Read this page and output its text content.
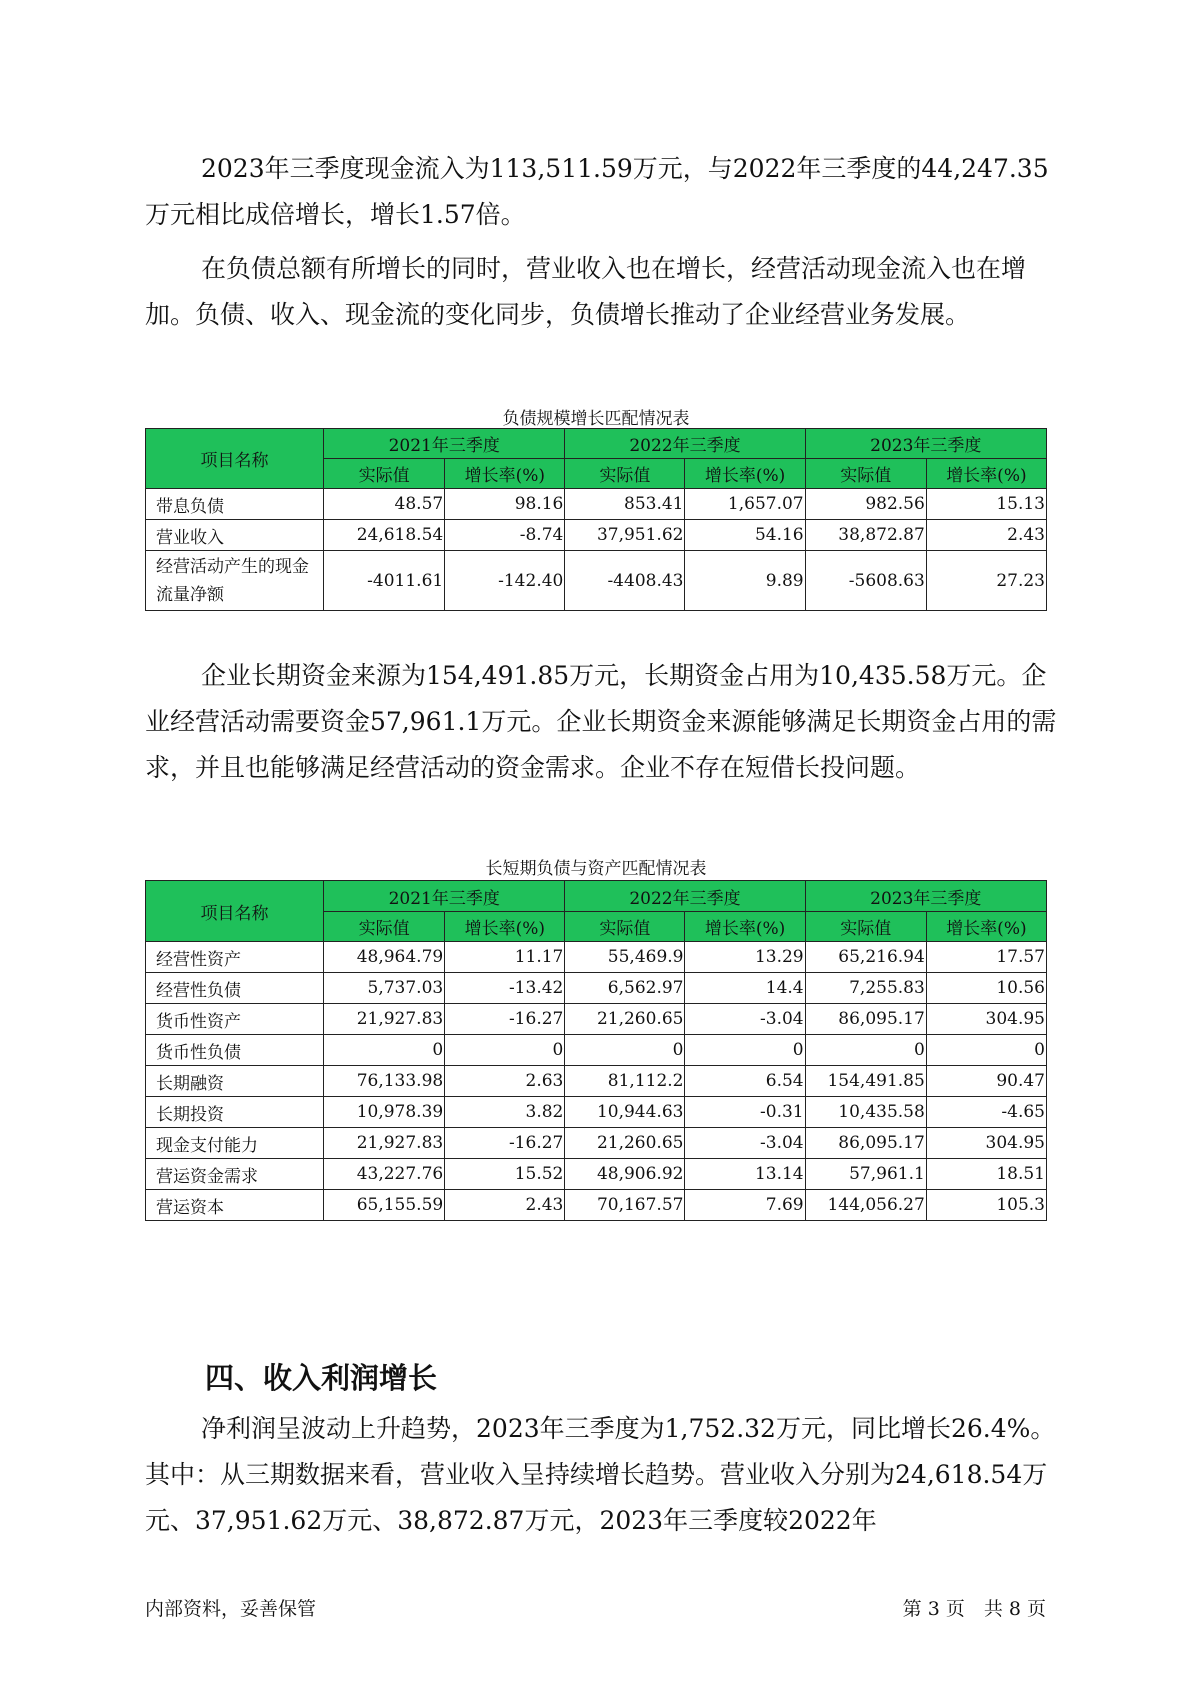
2023年三季度现金流入为113,511.59万元，与2022年三季度的44,247.35万元相比成倍增长，增长1.57倍。

在负债总额有所增长的同时，营业收入也在增长，经营活动现金流入也在增加。负债、收入、现金流的变化同步，负债增长推动了企业经营业务发展。

负债规模增长匹配情况表

项目名称	2021年三季度		2022年三季度		2023年三季度	
	实际值	增长率(%)	实际值	增长率(%)	实际值	增长率(%)
带息负债	48.57	98.16	853.41	1,657.07	982.56	15.13
营业收入	24,618.54	-8.74	37,951.62	54.16	38,872.87	2.43
经营活动产生的现金流量净额	-4011.61	-142.40	-4408.43	9.89	-5608.63	27.23

企业长期资金来源为154,491.85万元，长期资金占用为10,435.58万元。企业经营活动需要资金57,961.1万元。企业长期资金来源能够满足长期资金占用的需求，并且也能够满足经营活动的资金需求。企业不存在短借长投问题。

长短期负债与资产匹配情况表

项目名称	2021年三季度		2022年三季度		2023年三季度	
	实际值	增长率(%)	实际值	增长率(%)	实际值	增长率(%)
经营性资产	48,964.79	11.17	55,469.9	13.29	65,216.94	17.57
经营性负债	5,737.03	-13.42	6,562.97	14.4	7,255.83	10.56
货币性资产	21,927.83	-16.27	21,260.65	-3.04	86,095.17	304.95
货币性负债	0	0	0	0	0	0
长期融资	76,133.98	2.63	81,112.2	6.54	154,491.85	90.47
长期投资	10,978.39	3.82	10,944.63	-0.31	10,435.58	-4.65
现金支付能力	21,927.83	-16.27	21,260.65	-3.04	86,095.17	304.95
营运资金需求	43,227.76	15.52	48,906.92	13.14	57,961.1	18.51
营运资本	65,155.59	2.43	70,167.57	7.69	144,056.27	105.3
四、收入利润增长

净利润呈波动上升趋势，2023年三季度为1,752.32万元，同比增长26.4%。其中：从三期数据来看，营业收入呈持续增长趋势。营业收入分别为24,618.54万元、37,951.62万元、38,872.87万元，2023年三季度较2022年

内部资料，妥善保管	第 3 页　共 8 页
